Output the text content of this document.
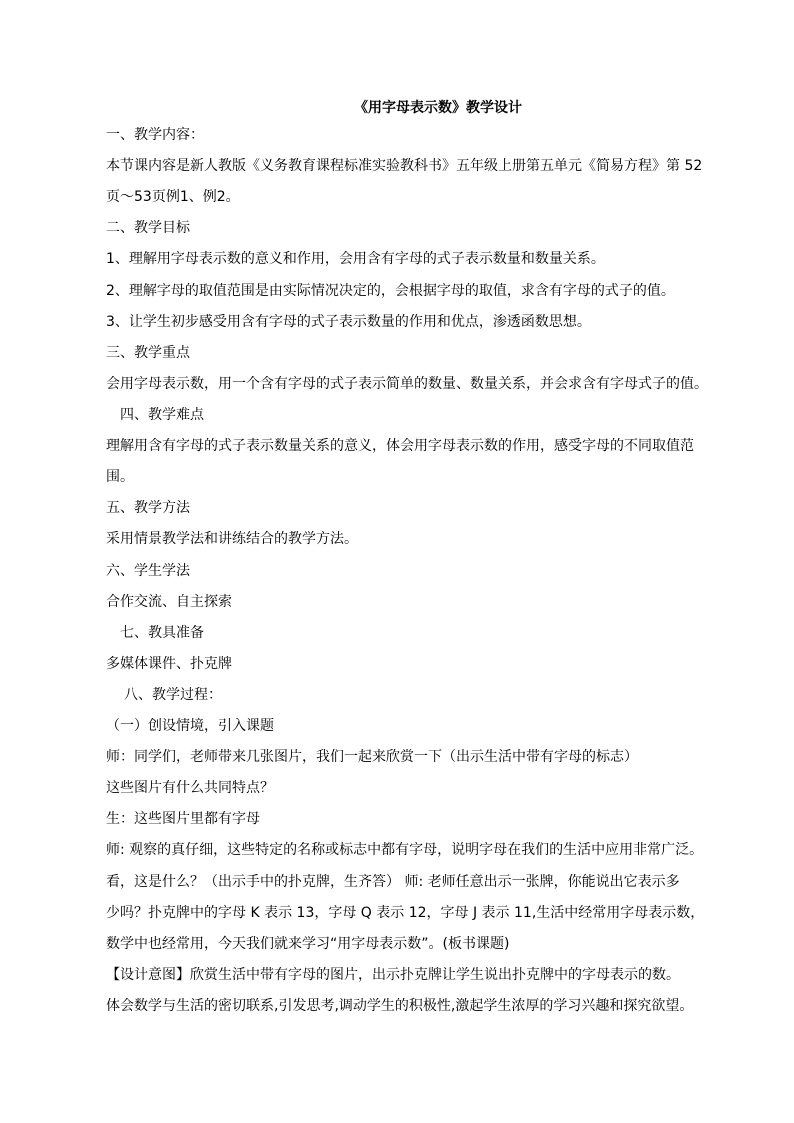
《用字母表示数》教学设计
一、教学内容：
本节课内容是新人教版《义务教育课程标准实验教科书》五年级上册第五单元《简易方程》第 52
页～53页例1、例2。
二、教学目标
1、理解用字母表示数的意义和作用，会用含有字母的式子表示数量和数量关系。
2、理解字母的取值范围是由实际情况决定的，会根据字母的取值，求含有字母的式子的值。
3、让学生初步感受用含有字母的式子表示数量的作用和优点，渗透函数思想。
三、教学重点
会用字母表示数，用一个含有字母的式子表示简单的数量、数量关系，并会求含有字母式子的值。
四、教学难点
理解用含有字母的式子表示数量关系的意义，体会用字母表示数的作用，感受字母的不同取值范
围。
五、教学方法
采用情景教学法和讲练结合的教学方法。
六、学生学法
合作交流、自主探索
七、教具准备
多媒体课件、扑克牌
八、教学过程：
（一）创设情境，引入课题
师：同学们，老师带来几张图片，我们一起来欣赏一下（出示生活中带有字母的标志）
这些图片有什么共同特点？
生：这些图片里都有字母
师: 观察的真仔细，这些特定的名称或标志中都有字母，说明字母在我们的生活中应用非常广泛。
看，这是什么？（出示手中的扑克牌，生齐答） 师: 老师任意出示一张牌，你能说出它表示多
少吗？扑克牌中的字母 K 表示 13，字母 Q 表示 12，字母 J 表示 11,生活中经常用字母表示数，
数学中也经常用，今天我们就来学习“用字母表示数”。(板书课题)
【设计意图】欣赏生活中带有字母的图片，出示扑克牌让学生说出扑克牌中的字母表示的数。
体会数学与生活的密切联系,引发思考,调动学生的积极性,激起学生浓厚的学习兴趣和探究欲望。
